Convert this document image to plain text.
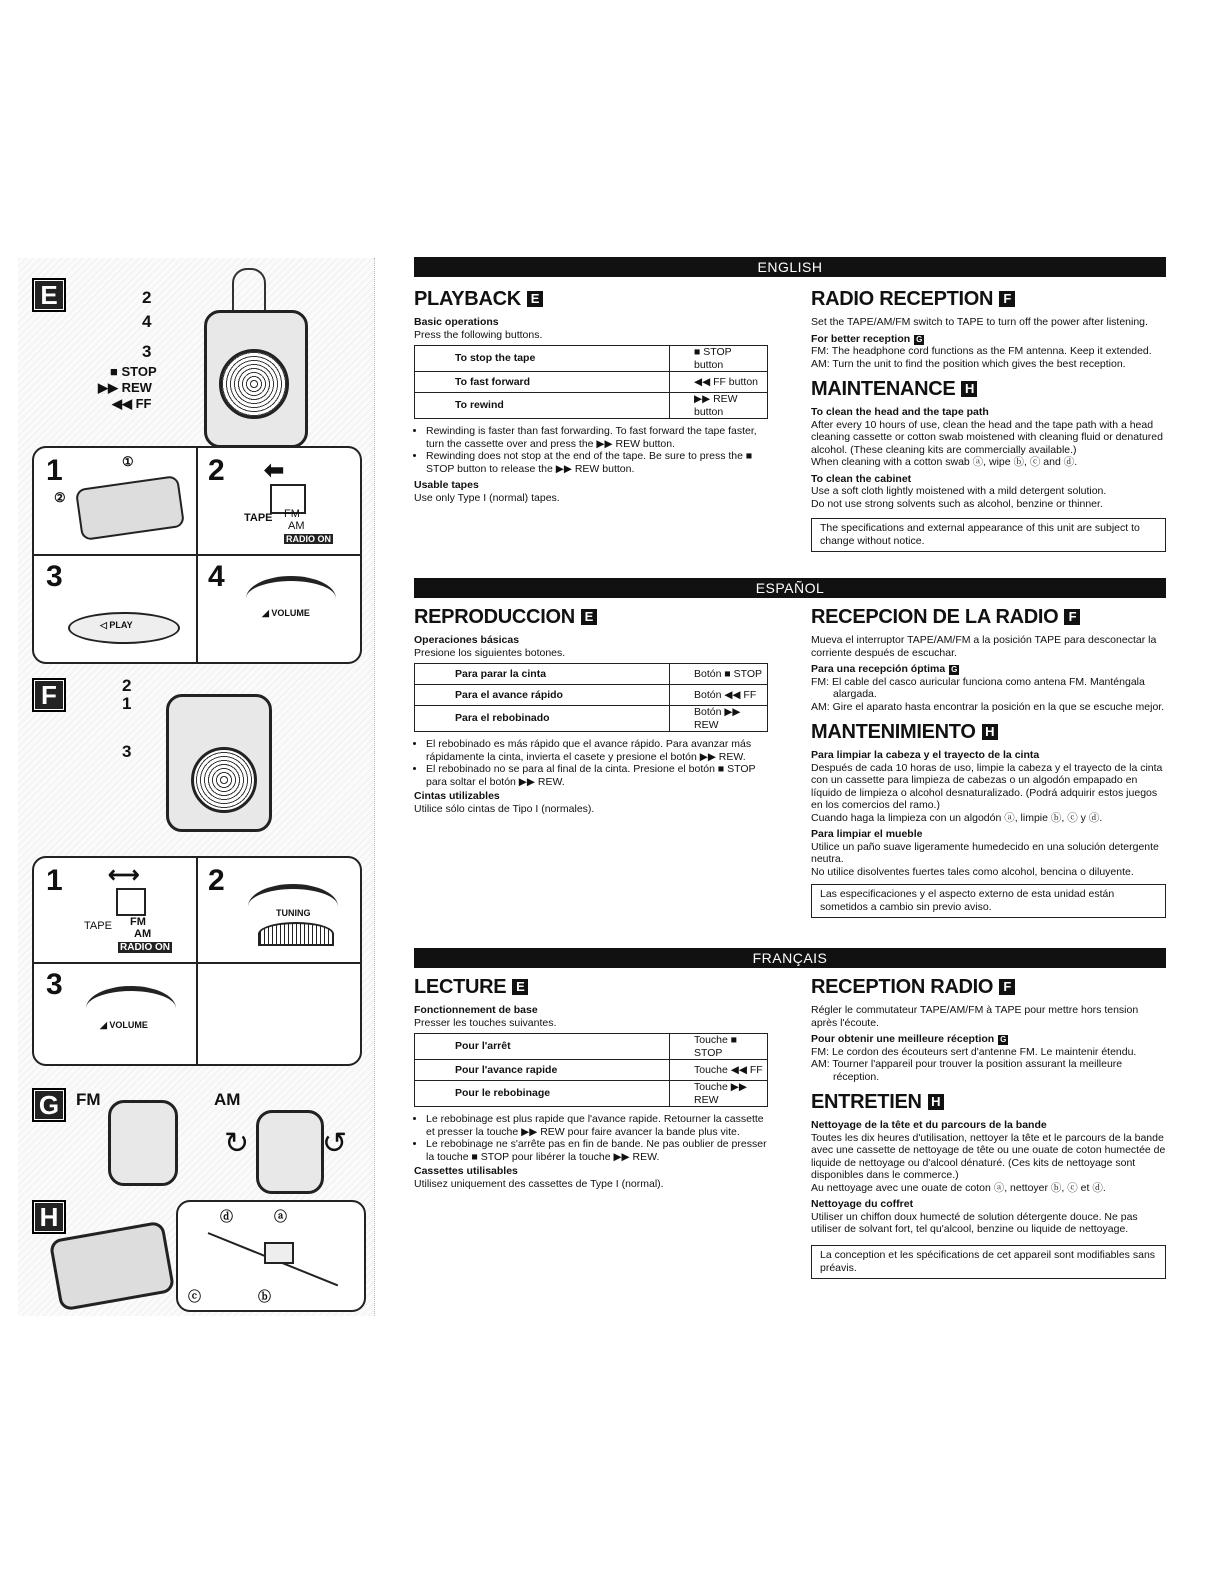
E	2
4
3
■ STOP
▶▶ REW
◀◀ FF
1	①
②
2 ⬅
TAPE FM
AM
RADIO ON
3
◁ PLAY
4
◢ VOLUME
F	2
1
3
1 ⟷
TAPE FM
AM
RADIO ON
2
TUNING
3
◢ VOLUME
G FM	AM
↻ ↺
H	ⓓ	ⓐ
ⓒ	ⓑ
ENGLISH
PLAYBACK E
Basic operations
Press the following buttons.
To stop the tape	■ STOP button
To fast forward	◀◀ FF button
To rewind	▶▶ REW button
• Rewinding is faster than fast forwarding. To fast forward the tape faster, turn the cassette over and press the ▶▶ REW button.
• Rewinding does not stop at the end of the tape. Be sure to press the ■ STOP button to release the ▶▶ REW button.
Usable tapes
Use only Type I (normal) tapes.
RADIO RECEPTION F
Set the TAPE/AM/FM switch to TAPE to turn off the power after listening.
For better reception G
FM: The headphone cord functions as the FM antenna. Keep it extended.
AM: Turn the unit to find the position which gives the best reception.
MAINTENANCE H
To clean the head and the tape path
After every 10 hours of use, clean the head and the tape path with a head cleaning cassette or cotton swab moistened with cleaning fluid or denatured alcohol. (These cleaning kits are commercially available.)
When cleaning with a cotton swab ⓐ, wipe ⓑ, ⓒ and ⓓ.
To clean the cabinet
Use a soft cloth lightly moistened with a mild detergent solution.
Do not use strong solvents such as alcohol, benzine or thinner.
The specifications and external appearance of this unit are subject to change without notice.
ESPAÑOL
REPRODUCCION E
Operaciones básicas
Presione los siguientes botones.
Para parar la cinta	Botón ■ STOP
Para el avance rápido	Botón ◀◀ FF
Para el rebobinado	Botón ▶▶ REW
• El rebobinado es más rápido que el avance rápido. Para avanzar más rápidamente la cinta, invierta el casete y presione el botón ▶▶ REW.
• El rebobinado no se para al final de la cinta. Presione el botón ■ STOP para soltar el botón ▶▶ REW.
Cintas utilizables
Utilice sólo cintas de Tipo I (normales).
RECEPCION DE LA RADIO F
Mueva el interruptor TAPE/AM/FM a la posición TAPE para desconectar la corriente después de escuchar.
Para una recepción óptima G
FM: El cable del casco auricular funciona como antena FM. Manténgala alargada.
AM: Gire el aparato hasta encontrar la posición en la que se escuche mejor.
MANTENIMIENTO H
Para limpiar la cabeza y el trayecto de la cinta
Después de cada 10 horas de uso, limpie la cabeza y el trayecto de la cinta con un cassette para limpieza de cabezas o un algodón empapado en líquido de limpieza o alcohol desnaturalizado. (Podrá adquirir estos juegos en los comercios del ramo.)
Cuando haga la limpieza con un algodón ⓐ, limpie ⓑ, ⓒ y ⓓ.
Para limpiar el mueble
Utilice un paño suave ligeramente humedecido en una solución detergente neutra.
No utilice disolventes fuertes tales como alcohol, bencina o diluyente.
Las especificaciones y el aspecto externo de esta unidad están sometidos a cambio sin previo aviso.
FRANÇAIS
LECTURE E
Fonctionnement de base
Presser les touches suivantes.
Pour l'arrêt	Touche ■ STOP
Pour l'avance rapide	Touche ◀◀ FF
Pour le rebobinage	Touche ▶▶ REW
• Le rebobinage est plus rapide que l'avance rapide. Retourner la cassette et presser la touche ▶▶ REW pour faire avancer la bande plus vite.
• Le rebobinage ne s'arrête pas en fin de bande. Ne pas oublier de presser la touche ■ STOP pour libérer la touche ▶▶ REW.
Cassettes utilisables
Utilisez uniquement des cassettes de Type I (normal).
RECEPTION RADIO F
Régler le commutateur TAPE/AM/FM à TAPE pour mettre hors tension après l'écoute.
Pour obtenir une meilleure réception G
FM: Le cordon des écouteurs sert d'antenne FM. Le maintenir étendu.
AM: Tourner l'appareil pour trouver la position assurant la meilleure réception.
ENTRETIEN H
Nettoyage de la tête et du parcours de la bande
Toutes les dix heures d'utilisation, nettoyer la tête et le parcours de la bande avec une cassette de nettoyage de tête ou une ouate de coton humectée de liquide de nettoyage ou d'alcool dénaturé. (Ces kits de nettoyage sont disponibles dans le commerce.)
Au nettoyage avec une ouate de coton ⓐ, nettoyer ⓑ, ⓒ et ⓓ.
Nettoyage du coffret
Utiliser un chiffon doux humecté de solution détergente douce. Ne pas utiliser de solvant fort, tel qu'alcool, benzine ou liquide de nettoyage.
La conception et les spécifications de cet appareil sont modifiables sans préavis.
